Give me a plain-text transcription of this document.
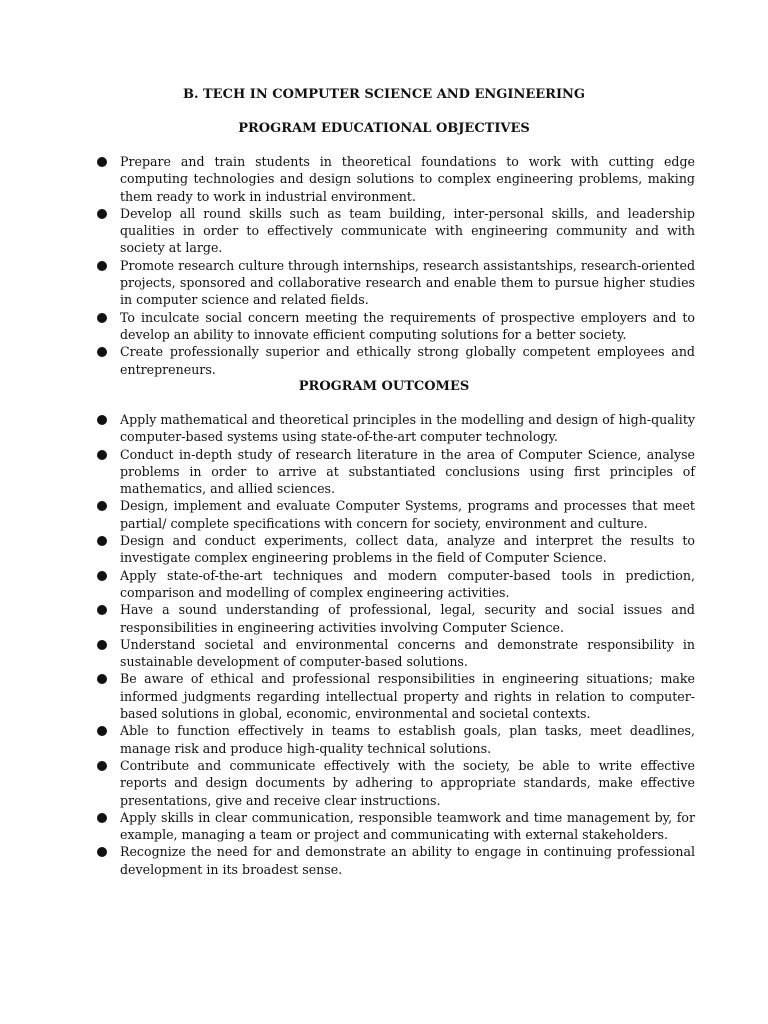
B. TECH IN COMPUTER SCIENCE AND ENGINEERING
PROGRAM EDUCATIONAL OBJECTIVES
Prepare and train students in theoretical foundations to work with cutting edge computing technologies and design solutions to complex engineering problems, making them ready to work in industrial environment.
Develop all round skills such as team building, inter-personal skills, and leadership qualities in order to effectively communicate with engineering community and with society at large.
Promote research culture through internships, research assistantships, research-oriented projects, sponsored and collaborative research and enable them to pursue higher studies in computer science and related fields.
To inculcate social concern meeting the requirements of prospective employers and to develop an ability to innovate efficient computing solutions for a better society.
Create professionally superior and ethically strong globally competent employees and entrepreneurs.
PROGRAM OUTCOMES
Apply mathematical and theoretical principles in the modelling and design of high-quality computer-based systems using state-of-the-art computer technology.
Conduct in-depth study of research literature in the area of Computer Science, analyse problems in order to arrive at substantiated conclusions using first principles of mathematics, and allied sciences.
Design, implement and evaluate Computer Systems, programs and processes that meet partial/ complete specifications with concern for society, environment and culture.
Design and conduct experiments, collect data, analyze and interpret the results to investigate complex engineering problems in the field of Computer Science.
Apply state-of-the-art techniques and modern computer-based tools in prediction, comparison and modelling of complex engineering activities.
Have a sound understanding of professional, legal, security and social issues and responsibilities in engineering activities involving Computer Science.
Understand societal and environmental concerns and demonstrate responsibility in sustainable development of computer-based solutions.
Be aware of ethical and professional responsibilities in engineering situations; make informed judgments regarding intellectual property and rights in relation to computer-based solutions in global, economic, environmental and societal contexts.
Able to function effectively in teams to establish goals, plan tasks, meet deadlines, manage risk and produce high-quality technical solutions.
Contribute and communicate effectively with the society, be able to write effective reports and design documents by adhering to appropriate standards, make effective presentations, give and receive clear instructions.
Apply skills in clear communication, responsible teamwork and time management by, for example, managing a team or project and communicating with external stakeholders.
Recognize the need for and demonstrate an ability to engage in continuing professional development in its broadest sense.
